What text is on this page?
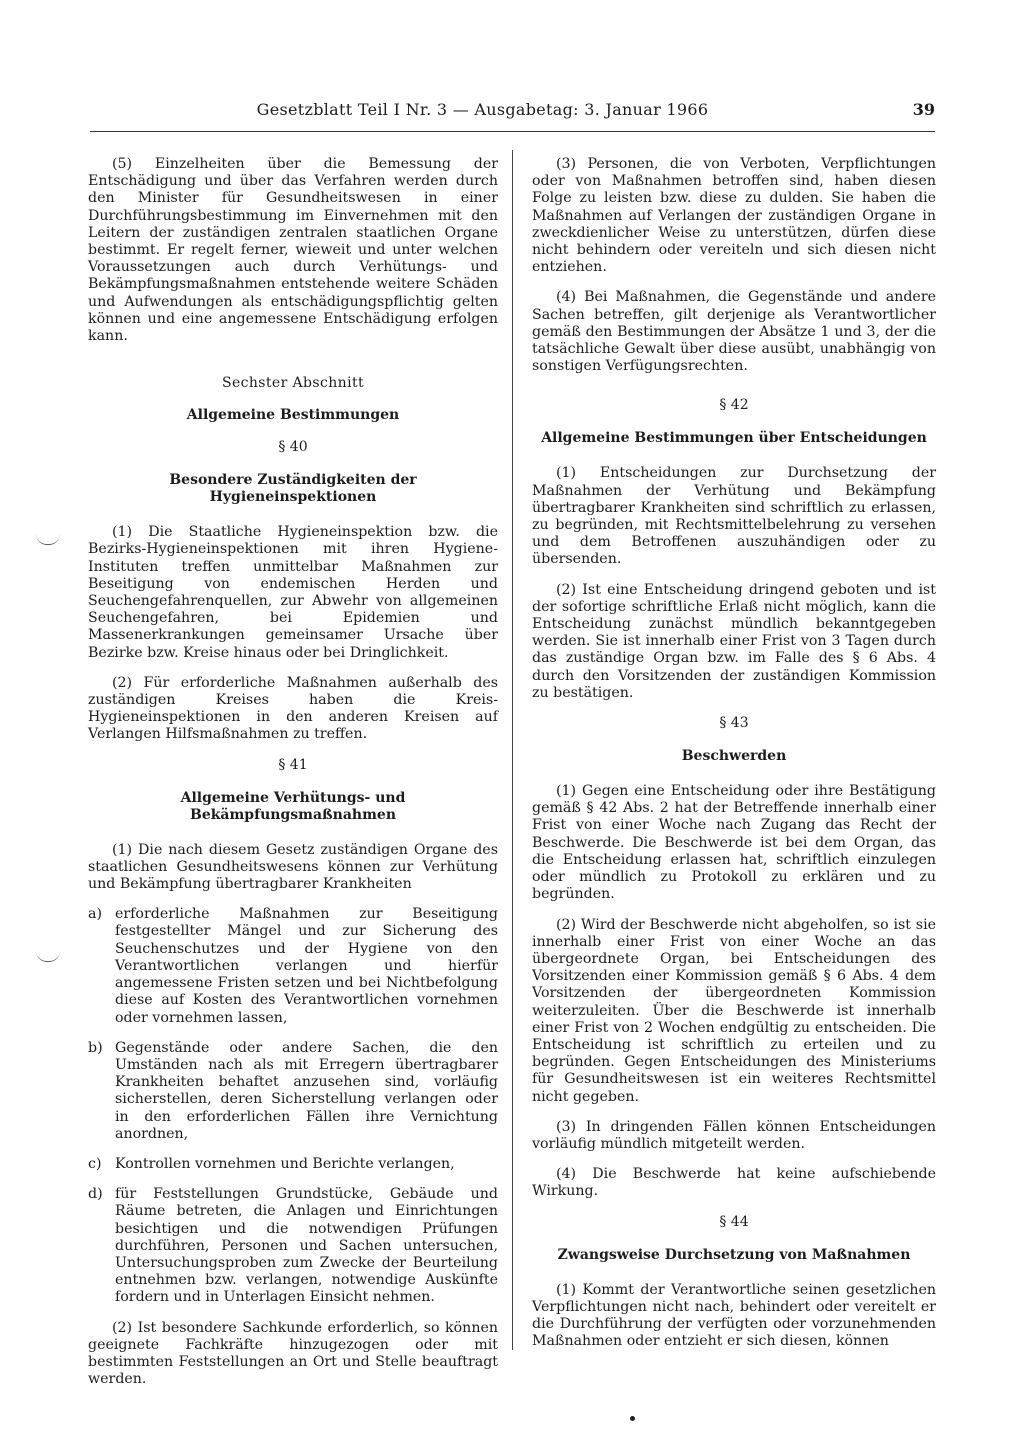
Gesetzblatt Teil I Nr. 3 — Ausgabetag: 3. Januar 1966	39

(5) Einzelheiten über die Bemessung der Entschädigung und über das Verfahren werden durch den Minister für Gesundheitswesen in einer Durchführungsbestimmung im Einvernehmen mit den Leitern der zuständigen zentralen staatlichen Organe bestimmt. Er regelt ferner, wieweit und unter welchen Voraussetzungen auch durch Verhütungs- und Bekämpfungsmaßnahmen entstehende weitere Schäden und Aufwendungen als entschädigungspflichtig gelten können und eine angemessene Entschädigung erfolgen kann.

Sechster Abschnitt
Allgemeine Bestimmungen
§ 40
Besondere Zuständigkeiten der Hygieneinspektionen

(1) Die Staatliche Hygieneinspektion bzw. die Bezirks-Hygieneinspektionen mit ihren Hygiene-Instituten treffen unmittelbar Maßnahmen zur Beseitigung von endemischen Herden und Seuchengefahrenquellen, zur Abwehr von allgemeinen Seuchengefahren, bei Epidemien und Massenerkrankungen gemeinsamer Ursache über Bezirke bzw. Kreise hinaus oder bei Dringlichkeit.

(2) Für erforderliche Maßnahmen außerhalb des zuständigen Kreises haben die Kreis-Hygieneinspektionen in den anderen Kreisen auf Verlangen Hilfsmaßnahmen zu treffen.

§ 41
Allgemeine Verhütungs- und Bekämpfungsmaßnahmen

(1) Die nach diesem Gesetz zuständigen Organe des staatlichen Gesundheitswesens können zur Verhütung und Bekämpfung übertragbarer Krankheiten

a) erforderliche Maßnahmen zur Beseitigung festgestellter Mängel und zur Sicherung des Seuchenschutzes und der Hygiene von den Verantwortlichen verlangen und hierfür angemessene Fristen setzen und bei Nichtbefolgung diese auf Kosten des Verantwortlichen vornehmen oder vornehmen lassen,
b) Gegenstände oder andere Sachen, die den Umständen nach als mit Erregern übertragbarer Krankheiten behaftet anzusehen sind, vorläufig sicherstellen, deren Sicherstellung verlangen oder in den erforderlichen Fällen ihre Vernichtung anordnen,
c) Kontrollen vornehmen und Berichte verlangen,
d) für Feststellungen Grundstücke, Gebäude und Räume betreten, die Anlagen und Einrichtungen besichtigen und die notwendigen Prüfungen durchführen, Personen und Sachen untersuchen, Untersuchungsproben zum Zwecke der Beurteilung entnehmen bzw. verlangen, notwendige Auskünfte fordern und in Unterlagen Einsicht nehmen.

(2) Ist besondere Sachkunde erforderlich, so können geeignete Fachkräfte hinzugezogen oder mit bestimmten Feststellungen an Ort und Stelle beauftragt werden.

(3) Personen, die von Verboten, Verpflichtungen oder von Maßnahmen betroffen sind, haben diesen Folge zu leisten bzw. diese zu dulden. Sie haben die Maßnahmen auf Verlangen der zuständigen Organe in zweckdienlicher Weise zu unterstützen, dürfen diese nicht behindern oder vereiteln und sich diesen nicht entziehen.

(4) Bei Maßnahmen, die Gegenstände und andere Sachen betreffen, gilt derjenige als Verantwortlicher gemäß den Bestimmungen der Absätze 1 und 3, der die tatsächliche Gewalt über diese ausübt, unabhängig von sonstigen Verfügungsrechten.

§ 42
Allgemeine Bestimmungen über Entscheidungen

(1) Entscheidungen zur Durchsetzung der Maßnahmen der Verhütung und Bekämpfung übertragbarer Krankheiten sind schriftlich zu erlassen, zu begründen, mit Rechtsmittelbelehrung zu versehen und dem Betroffenen auszuhändigen oder zu übersenden.

(2) Ist eine Entscheidung dringend geboten und ist der sofortige schriftliche Erlaß nicht möglich, kann die Entscheidung zunächst mündlich bekanntgegeben werden. Sie ist innerhalb einer Frist von 3 Tagen durch das zuständige Organ bzw. im Falle des § 6 Abs. 4 durch den Vorsitzenden der zuständigen Kommission zu bestätigen.

§ 43
Beschwerden

(1) Gegen eine Entscheidung oder ihre Bestätigung gemäß § 42 Abs. 2 hat der Betreffende innerhalb einer Frist von einer Woche nach Zugang das Recht der Beschwerde. Die Beschwerde ist bei dem Organ, das die Entscheidung erlassen hat, schriftlich einzulegen oder mündlich zu Protokoll zu erklären und zu begründen.

(2) Wird der Beschwerde nicht abgeholfen, so ist sie innerhalb einer Frist von einer Woche an das übergeordnete Organ, bei Entscheidungen des Vorsitzenden einer Kommission gemäß § 6 Abs. 4 dem Vorsitzenden der übergeordneten Kommission weiterzuleiten. Über die Beschwerde ist innerhalb einer Frist von 2 Wochen endgültig zu entscheiden. Die Entscheidung ist schriftlich zu erteilen und zu begründen. Gegen Entscheidungen des Ministeriums für Gesundheitswesen ist ein weiteres Rechtsmittel nicht gegeben.

(3) In dringenden Fällen können Entscheidungen vorläufig mündlich mitgeteilt werden.

(4) Die Beschwerde hat keine aufschiebende Wirkung.

§ 44
Zwangsweise Durchsetzung von Maßnahmen

(1) Kommt der Verantwortliche seinen gesetzlichen Verpflichtungen nicht nach, behindert oder vereitelt er die Durchführung der verfügten oder vorzunehmenden Maßnahmen oder entzieht er sich diesen, können
